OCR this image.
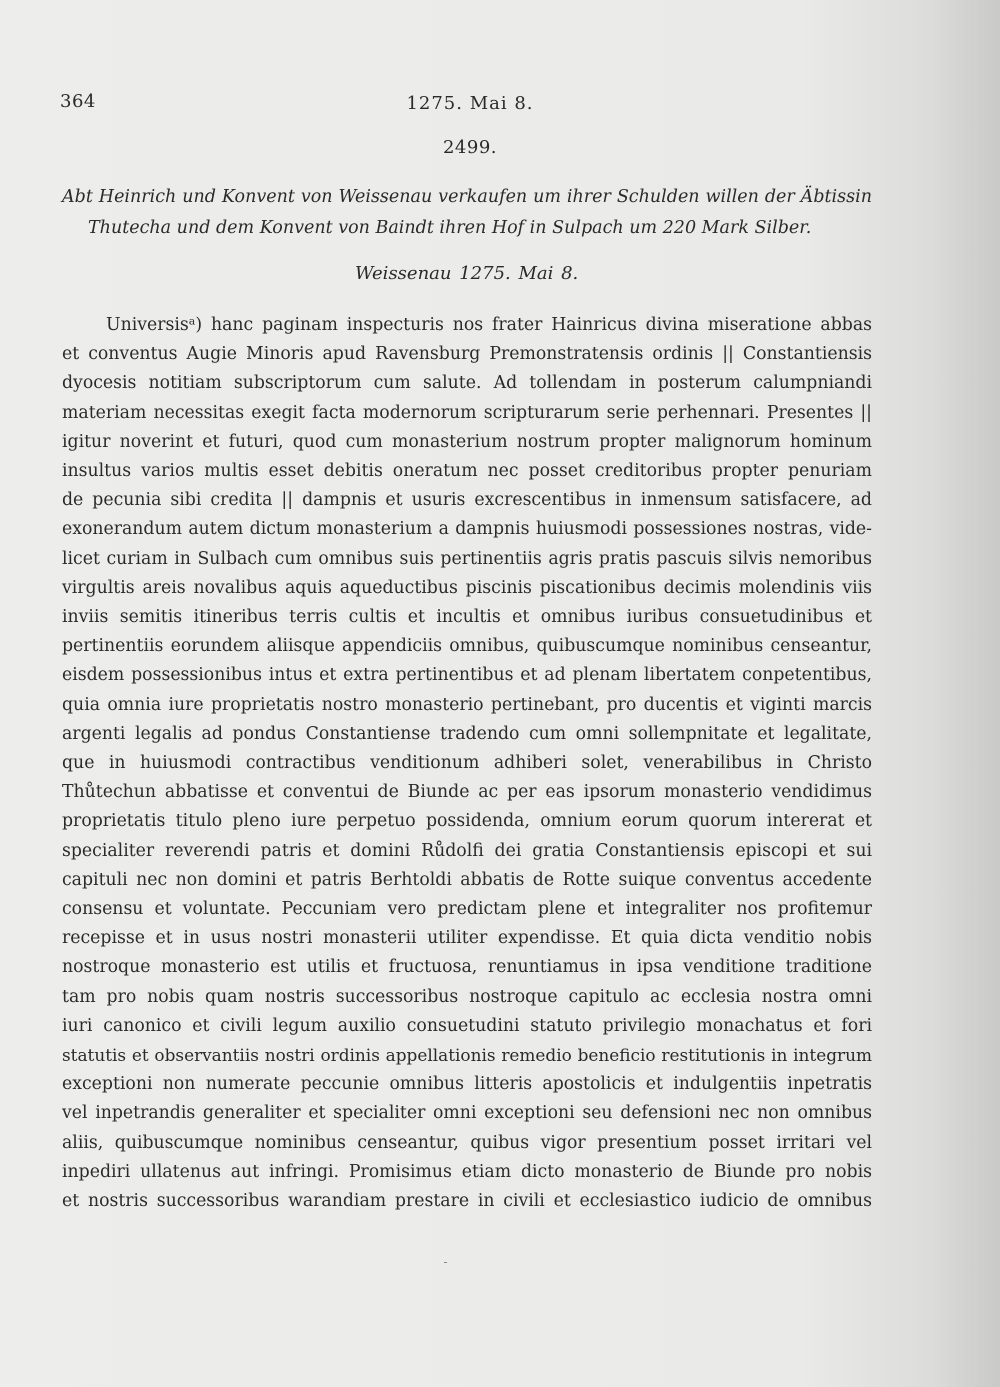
364	1275. Mai 8.
2499.
Abt Heinrich und Konvent von Weissenau verkaufen um ihrer Schulden willen der Äbtissin
Thutecha und dem Konvent von Baindt ihren Hof in Sulpach um 220 Mark Silber.
Weissenau 1275. Mai 8.
Universisᵃ) hanc paginam inspecturis nos frater Hainricus divina miseratione abbas
et conventus Augie Minoris apud Ravensburg Premonstratensis ordinis || Constantiensis
dyocesis notitiam subscriptorum cum salute. Ad tollendam in posterum calumpniandi
materiam necessitas exegit facta modernorum scripturarum serie perhennari. Presentes ||
igitur noverint et futuri, quod cum monasterium nostrum propter malignorum hominum
insultus varios multis esset debitis oneratum nec posset creditoribus propter penuriam
de pecunia sibi credita || dampnis et usuris excrescentibus in inmensum satisfacere, ad
exonerandum autem dictum monasterium a dampnis huiusmodi possessiones nostras, vide-
licet curiam in Sulbach cum omnibus suis pertinentiis agris pratis pascuis silvis nemoribus
virgultis areis novalibus aquis aqueductibus piscinis piscationibus decimis molendinis viis
inviis semitis itineribus terris cultis et incultis et omnibus iuribus consuetudinibus et
pertinentiis eorundem aliisque appendiciis omnibus, quibuscumque nominibus censeantur,
eisdem possessionibus intus et extra pertinentibus et ad plenam libertatem conpetentibus,
quia omnia iure proprietatis nostro monasterio pertinebant, pro ducentis et viginti marcis
argenti legalis ad pondus Constantiense tradendo cum omni sollempnitate et legalitate,
que in huiusmodi contractibus venditionum adhiberi solet, venerabilibus in Christo
Thůtechun abbatisse et conventui de Biunde ac per eas ipsorum monasterio vendidimus
proprietatis titulo pleno iure perpetuo possidenda, omnium eorum quorum intererat et
specialiter reverendi patris et domini Růdolfi dei gratia Constantiensis episcopi et sui
capituli nec non domini et patris Berhtoldi abbatis de Rotte suique conventus accedente
consensu et voluntate. Peccuniam vero predictam plene et integraliter nos profitemur
recepisse et in usus nostri monasterii utiliter expendisse. Et quia dicta venditio nobis
nostroque monasterio est utilis et fructuosa, renuntiamus in ipsa venditione traditione
tam pro nobis quam nostris successoribus nostroque capitulo ac ecclesia nostra omni
iuri canonico et civili legum auxilio consuetudini statuto privilegio monachatus et fori
statutis et observantiis nostri ordinis appellationis remedio beneficio restitutionis in integrum
exceptioni non numerate peccunie omnibus litteris apostolicis et indulgentiis inpetratis
vel inpetrandis generaliter et specialiter omni exceptioni seu defensioni nec non omnibus
aliis, quibuscumque nominibus censeantur, quibus vigor presentium posset irritari vel
inpediri ullatenus aut infringi. Promisimus etiam dicto monasterio de Biunde pro nobis
et nostris successoribus warandiam prestare in civili et ecclesiastico iudicio de omnibus
